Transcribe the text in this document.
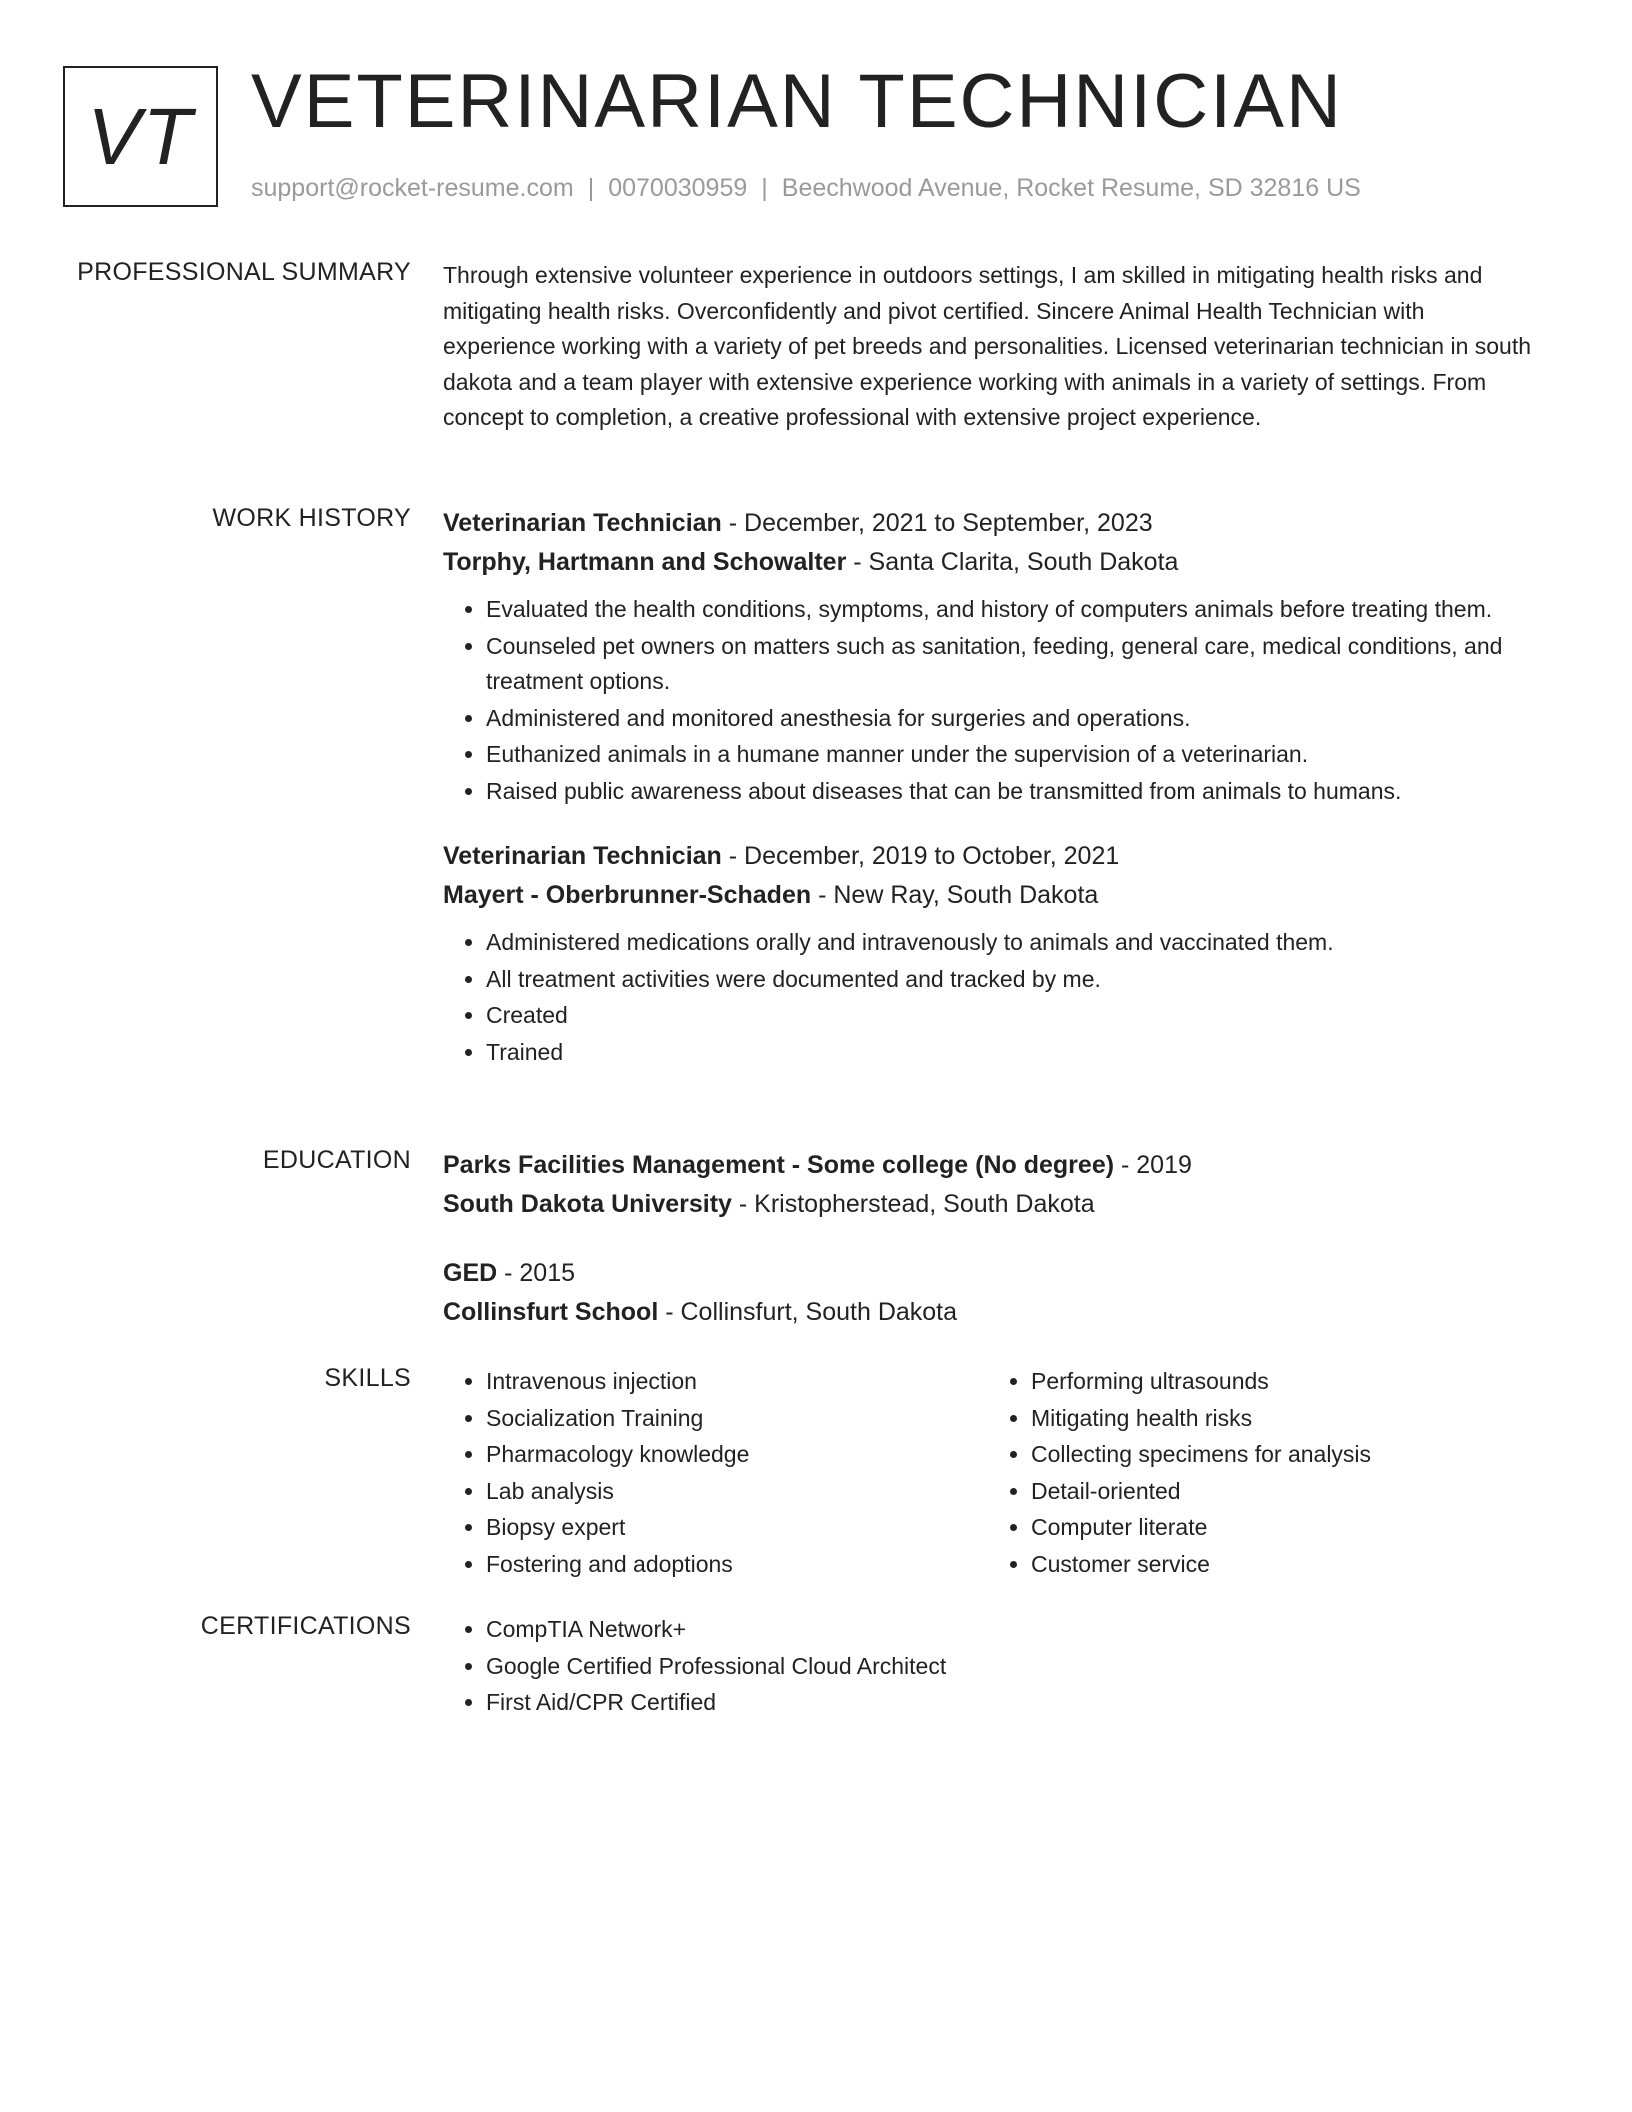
VT VETERINARIAN TECHNICIAN
support@rocket-resume.com | 0070030959 | Beechwood Avenue, Rocket Resume, SD 32816 US
PROFESSIONAL SUMMARY Through extensive volunteer experience in outdoors settings, I am skilled in mitigating health risks and mitigating health risks. Overconfidently and pivot certified. Sincere Animal Health Technician with experience working with a variety of pet breeds and personalities. Licensed veterinarian technician in south dakota and a team player with extensive experience working with animals in a variety of settings. From concept to completion, a creative professional with extensive project experience.

WORK HISTORY Veterinarian Technician - December, 2021 to September, 2023
Torphy, Hartmann and Schowalter - Santa Clarita, South Dakota
• Evaluated the health conditions, symptoms, and history of computers animals before treating them.
• Counseled pet owners on matters such as sanitation, feeding, general care, medical conditions, and treatment options.
• Administered and monitored anesthesia for surgeries and operations.
• Euthanized animals in a humane manner under the supervision of a veterinarian.
• Raised public awareness about diseases that can be transmitted from animals to humans.
Veterinarian Technician - December, 2019 to October, 2021
Mayert - Oberbrunner-Schaden - New Ray, South Dakota
• Administered medications orally and intravenously to animals and vaccinated them.
• All treatment activities were documented and tracked by me.
• Created
• Trained
EDUCATION Parks Facilities Management - Some college (No degree) - 2019
South Dakota University - Kristopherstead, South Dakota
GED - 2015
Collinsfurt School - Collinsfurt, South Dakota
SKILLS	• Intravenous injection
• Socialization Training
• Pharmacology knowledge
• Lab analysis
• Biopsy expert
• Fostering and adoptions
• Performing ultrasounds
• Mitigating health risks
• Collecting specimens for analysis
• Detail-oriented
• Computer literate
• Customer service
CERTIFICATIONS	• CompTIA Network+
• Google Certified Professional Cloud Architect
• First Aid/CPR Certified
